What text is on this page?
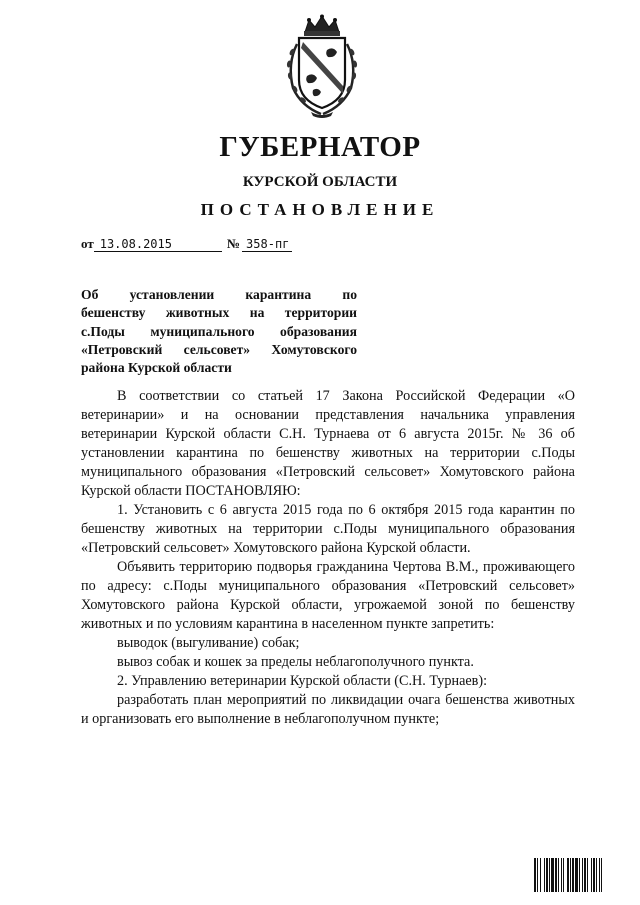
ГУБЕРНАТОР
КУРСКОЙ ОБЛАСТИ
ПОСТАНОВЛЕНИЕ
от 13.08.2015	№ 358-пг
Об установлении карантина по
бешенству животных на территории
с.Поды муниципального образования
«Петровский сельсовет» Хомутовского
района Курской области

В соответствии со статьей 17 Закона Российской Федерации «О ветеринарии» и на основании представления начальника управления ветеринарии Курской области С.Н. Турнаева от 6 августа 2015г. № 36 об установлении карантина по бешенству животных на территории с.Поды муниципального образования «Петровский сельсовет» Хомутовского района Курской области ПОСТАНОВЛЯЮ:

1. Установить с 6 августа 2015 года по 6 октября 2015 года карантин по бешенству животных на территории с.Поды муниципального образования «Петровский сельсовет» Хомутовского района Курской области.

Объявить территорию подворья гражданина Чертова В.М., проживающего по адресу: с.Поды муниципального образования «Петровский сельсовет» Хомутовского района Курской области, угрожаемой зоной по бешенству животных и по условиям карантина в населенном пункте запретить:

выводок (выгуливание) собак;

вывоз собак и кошек за пределы неблагополучного пункта.

2. Управлению ветеринарии Курской области (С.Н. Турнаев):

разработать план мероприятий по ликвидации очага бешенства животных и организовать его выполнение в неблагополучном пункте;
